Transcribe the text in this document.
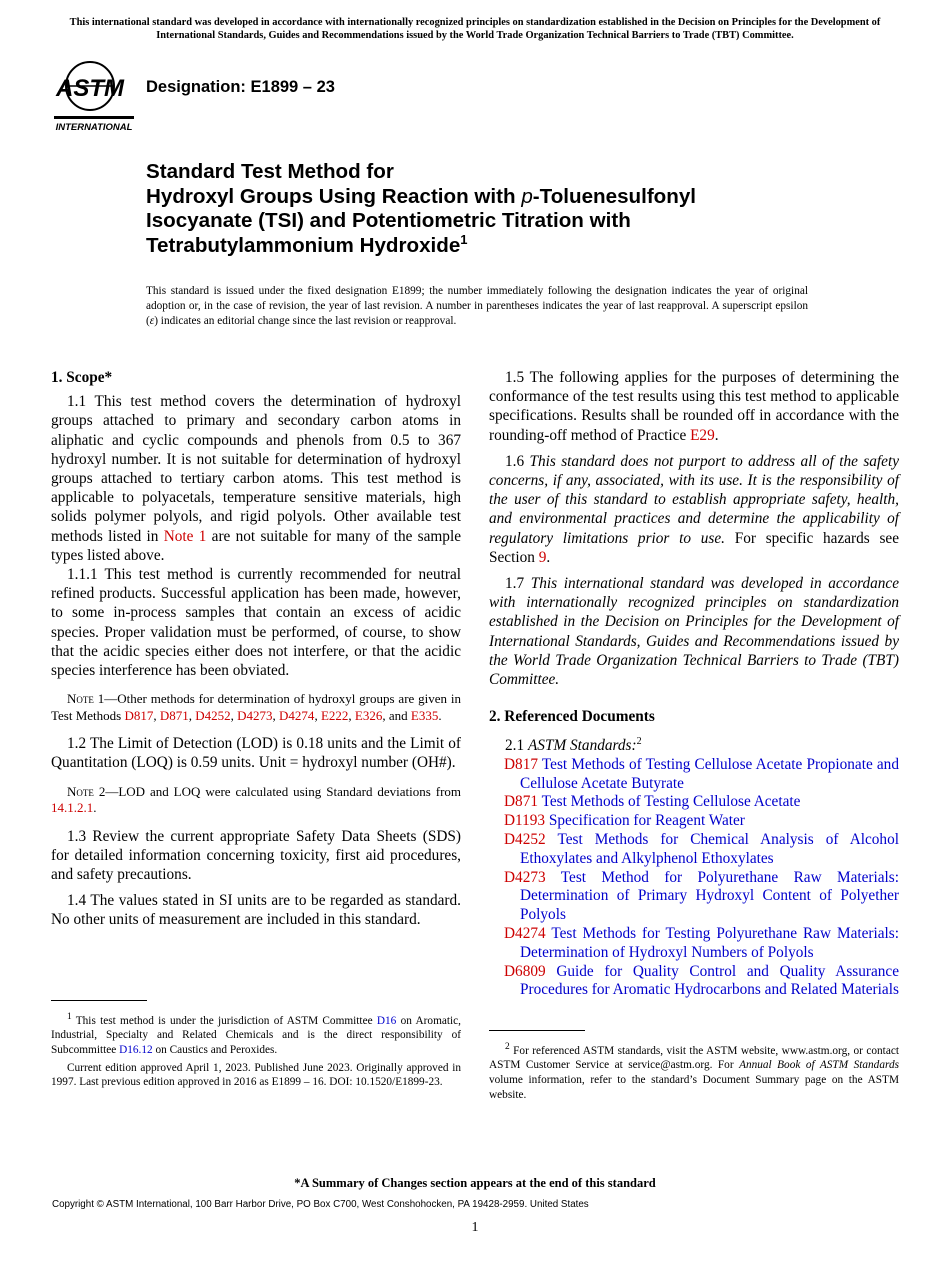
This international standard was developed in accordance with internationally recognized principles on standardization established in the Decision on Principles for the Development of International Standards, Guides and Recommendations issued by the World Trade Organization Technical Barriers to Trade (TBT) Committee.
ASTM
INTERNATIONAL
Designation: E1899 – 23
Standard Test Method for
Hydroxyl Groups Using Reaction with p-Toluenesulfonyl
Isocyanate (TSI) and Potentiometric Titration with
Tetrabutylammonium Hydroxide$^1$
This standard is issued under the fixed designation E1899; the number immediately following the designation indicates the year of original adoption or, in the case of revision, the year of last revision. A number in parentheses indicates the year of last reapproval. A superscript epsilon (ε) indicates an editorial change since the last revision or reapproval.
1. Scope*

1.1 This test method covers the determination of hydroxyl groups attached to primary and secondary carbon atoms in aliphatic and cyclic compounds and phenols from 0.5 to 367 hydroxyl number. It is not suitable for determination of hydroxyl groups attached to tertiary carbon atoms. This test method is applicable to polyacetals, temperature sensitive materials, high solids polymer polyols, and rigid polyols. Other available test methods listed in Note 1 are not suitable for many of the sample types listed above.

1.1.1 This test method is currently recommended for neutral refined products. Successful application has been made, however, to some in-process samples that contain an excess of acidic species. Proper validation must be performed, of course, to show that the acidic species either does not interfere, or that the acidic species interference has been obviated.

Note 1—Other methods for determination of hydroxyl groups are given in Test Methods D817, D871, D4252, D4273, D4274, E222, E326, and E335.

1.2 The Limit of Detection (LOD) is 0.18 units and the Limit of Quantitation (LOQ) is 0.59 units. Unit = hydroxyl number (OH#).

Note 2—LOD and LOQ were calculated using Standard deviations from 14.1.2.1.

1.3 Review the current appropriate Safety Data Sheets (SDS) for detailed information concerning toxicity, first aid procedures, and safety precautions.

1.4 The values stated in SI units are to be regarded as standard. No other units of measurement are included in this standard.

$^1$ This test method is under the jurisdiction of ASTM Committee D16 on Aromatic, Industrial, Specialty and Related Chemicals and is the direct responsibility of Subcommittee D16.12 on Caustics and Peroxides.

Current edition approved April 1, 2023. Published June 2023. Originally approved in 1997. Last previous edition approved in 2016 as E1899 – 16. DOI: 10.1520/E1899-23.

1.5 The following applies for the purposes of determining the conformance of the test results using this test method to applicable specifications. Results shall be rounded off in accordance with the rounding-off method of Practice E29.

1.6 This standard does not purport to address all of the safety concerns, if any, associated, with its use. It is the responsibility of the user of this standard to establish appropriate safety, health, and environmental practices and determine the applicability of regulatory limitations prior to use. For specific hazards see Section 9.

1.7 This international standard was developed in accordance with internationally recognized principles on standardization established in the Decision on Principles for the Development of International Standards, Guides and Recommendations issued by the World Trade Organization Technical Barriers to Trade (TBT) Committee.

2. Referenced Documents

2.1 ASTM Standards:$^2$

D817 Test Methods of Testing Cellulose Acetate Propionate and Cellulose Acetate Butyrate

D871 Test Methods of Testing Cellulose Acetate

D1193 Specification for Reagent Water

D4252 Test Methods for Chemical Analysis of Alcohol Ethoxylates and Alkylphenol Ethoxylates

D4273 Test Method for Polyurethane Raw Materials: Determination of Primary Hydroxyl Content of Polyether Polyols

D4274 Test Methods for Testing Polyurethane Raw Materials: Determination of Hydroxyl Numbers of Polyols

D6809 Guide for Quality Control and Quality Assurance Procedures for Aromatic Hydrocarbons and Related Materials

$^2$ For referenced ASTM standards, visit the ASTM website, www.astm.org, or contact ASTM Customer Service at service@astm.org. For Annual Book of ASTM Standards volume information, refer to the standard’s Document Summary page on the ASTM website.

*A Summary of Changes section appears at the end of this standard
Copyright © ASTM International, 100 Barr Harbor Drive, PO Box C700, West Conshohocken, PA 19428-2959. United States
1
